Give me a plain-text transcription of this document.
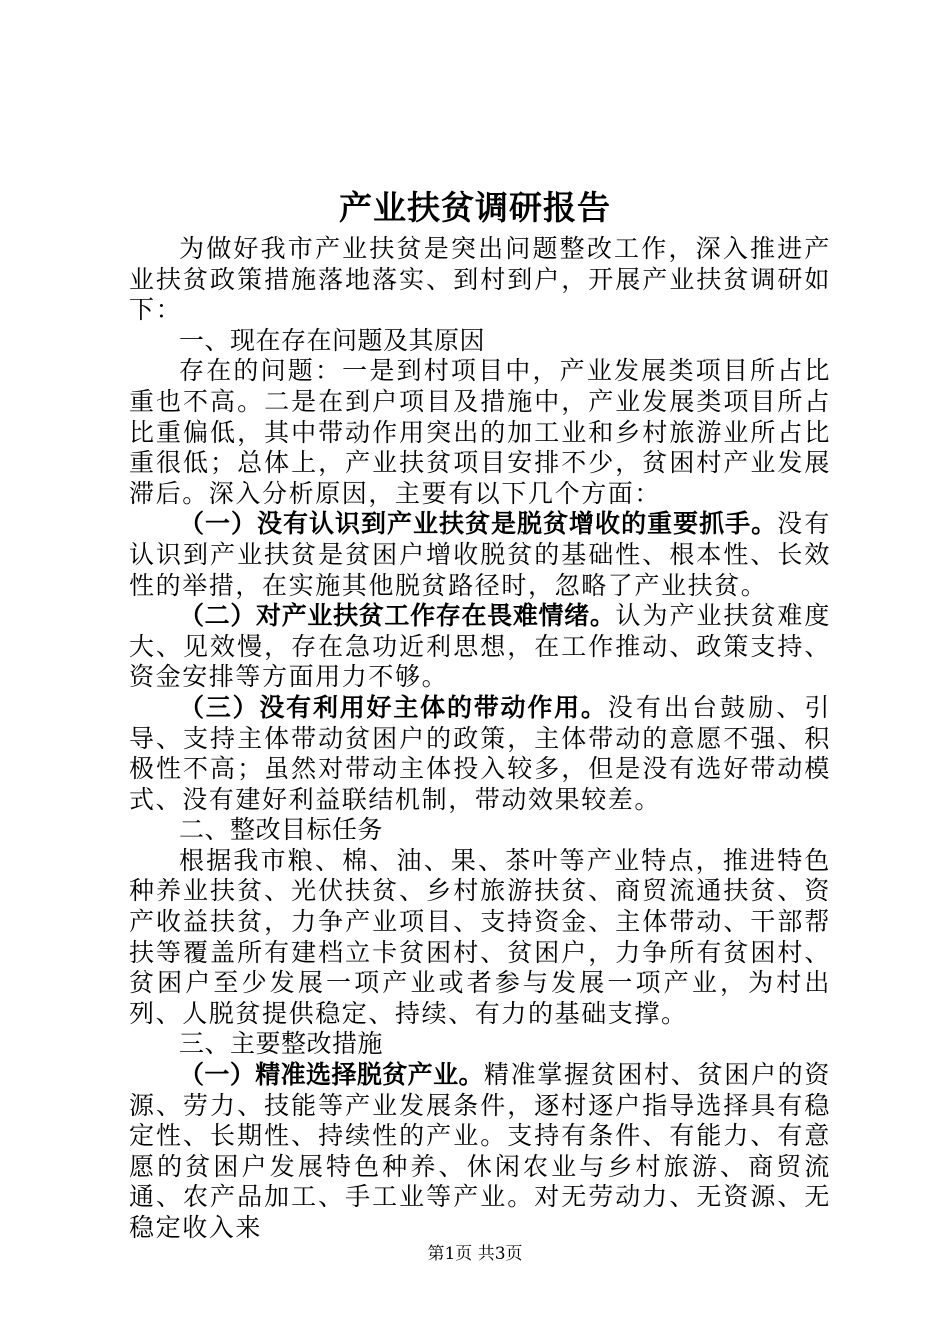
产业扶贫调研报告

为做好我市产业扶贫是突出问题整改工作，深入推进产业扶贫政策措施落地落实、到村到户，开展产业扶贫调研如下：

一、现在存在问题及其原因

存在的问题：一是到村项目中，产业发展类项目所占比重也不高。二是在到户项目及措施中，产业发展类项目所占比重偏低，其中带动作用突出的加工业和乡村旅游业所占比重很低；总体上，产业扶贫项目安排不少，贫困村产业发展滞后。深入分析原因，主要有以下几个方面：

（一）没有认识到产业扶贫是脱贫增收的重要抓手。没有认识到产业扶贫是贫困户增收脱贫的基础性、根本性、长效性的举措，在实施其他脱贫路径时，忽略了产业扶贫。

（二）对产业扶贫工作存在畏难情绪。认为产业扶贫难度大、见效慢，存在急功近利思想，在工作推动、政策支持、资金安排等方面用力不够。

（三）没有利用好主体的带动作用。没有出台鼓励、引导、支持主体带动贫困户的政策，主体带动的意愿不强、积极性不高；虽然对带动主体投入较多，但是没有选好带动模式、没有建好利益联结机制，带动效果较差。

二、整改目标任务

根据我市粮、棉、油、果、茶叶等产业特点，推进特色种养业扶贫、光伏扶贫、乡村旅游扶贫、商贸流通扶贫、资产收益扶贫，力争产业项目、支持资金、主体带动、干部帮扶等覆盖所有建档立卡贫困村、贫困户，力争所有贫困村、贫困户至少发展一项产业或者参与发展一项产业，为村出列、人脱贫提供稳定、持续、有力的基础支撑。

三、主要整改措施

（一）精准选择脱贫产业。精准掌握贫困村、贫困户的资源、劳力、技能等产业发展条件，逐村逐户指导选择具有稳定性、长期性、持续性的产业。支持有条件、有能力、有意愿的贫困户发展特色种养、休闲农业与乡村旅游、商贸流通、农产品加工、手工业等产业。对无劳动力、无资源、无稳定收入来

第1页 共3页
